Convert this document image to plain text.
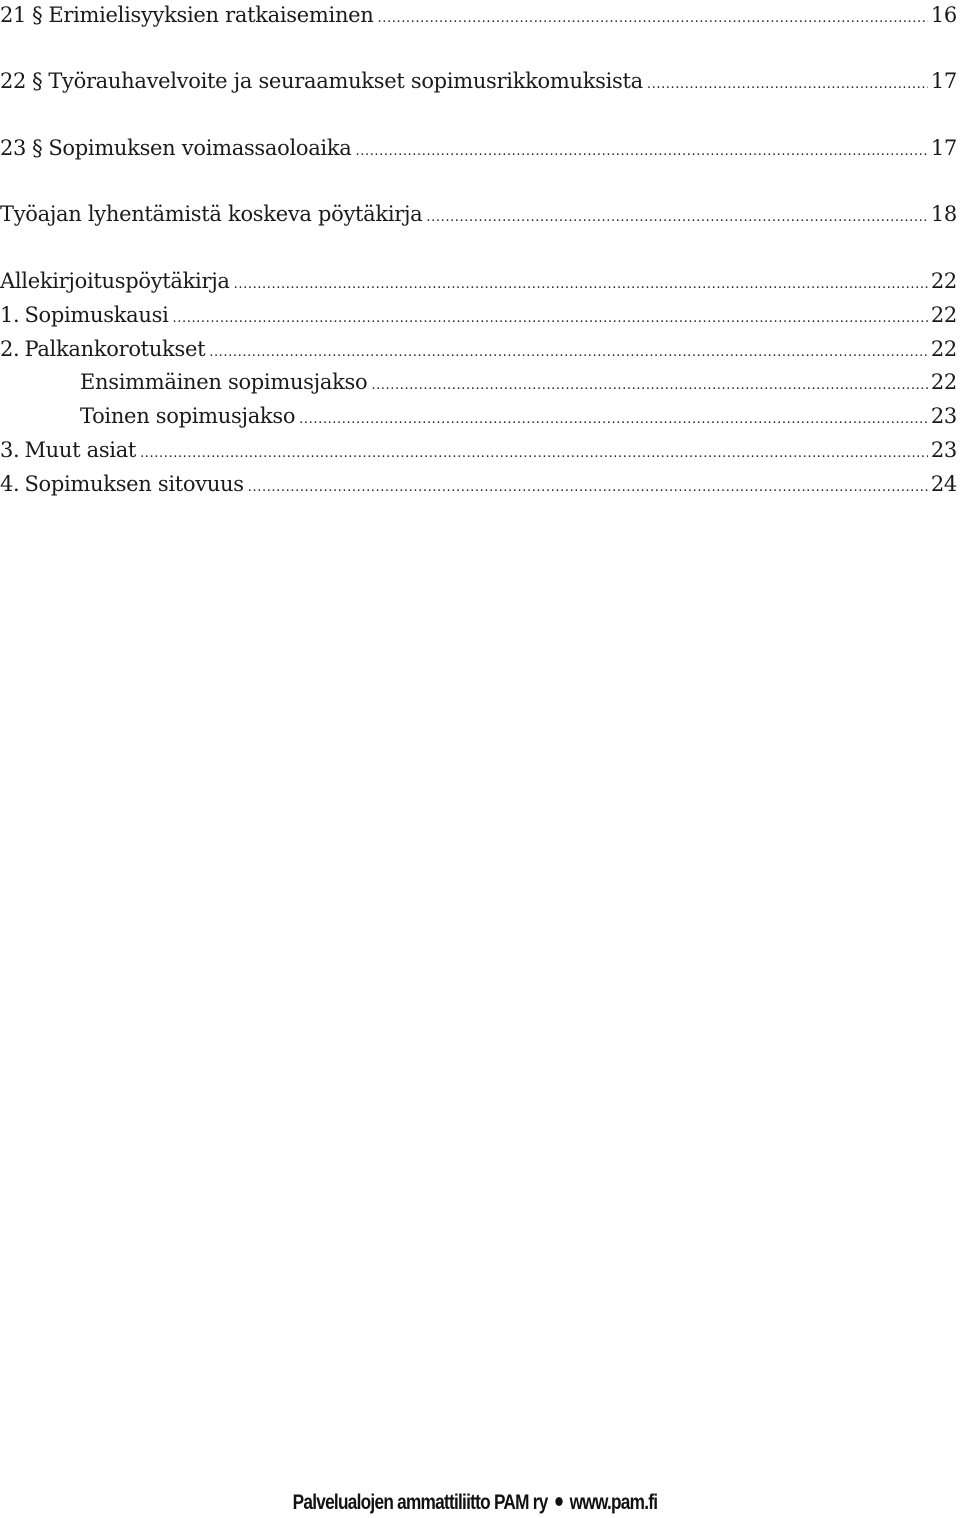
21 § Erimielisyyksien ratkaiseminen .....	16
22 § Työrauhavelvoite ja seuraamukset sopimusrikkomuksista .....	17
23 § Sopimuksen voimassaoloaika .....	17
Työajan lyhentämistä koskeva pöytäkirja .....	18
Allekirjoituspöytäkirja .....	22
1. Sopimuskausi .....	22
2. Palkankorotukset .....	22
Ensimmäinen sopimusjakso .....	22
Toinen sopimusjakso .....	23
3. Muut asiat .....	23
4. Sopimuksen sitovuus .....	24
Palvelualojen ammattiliitto PAM ry www.pam.fi
